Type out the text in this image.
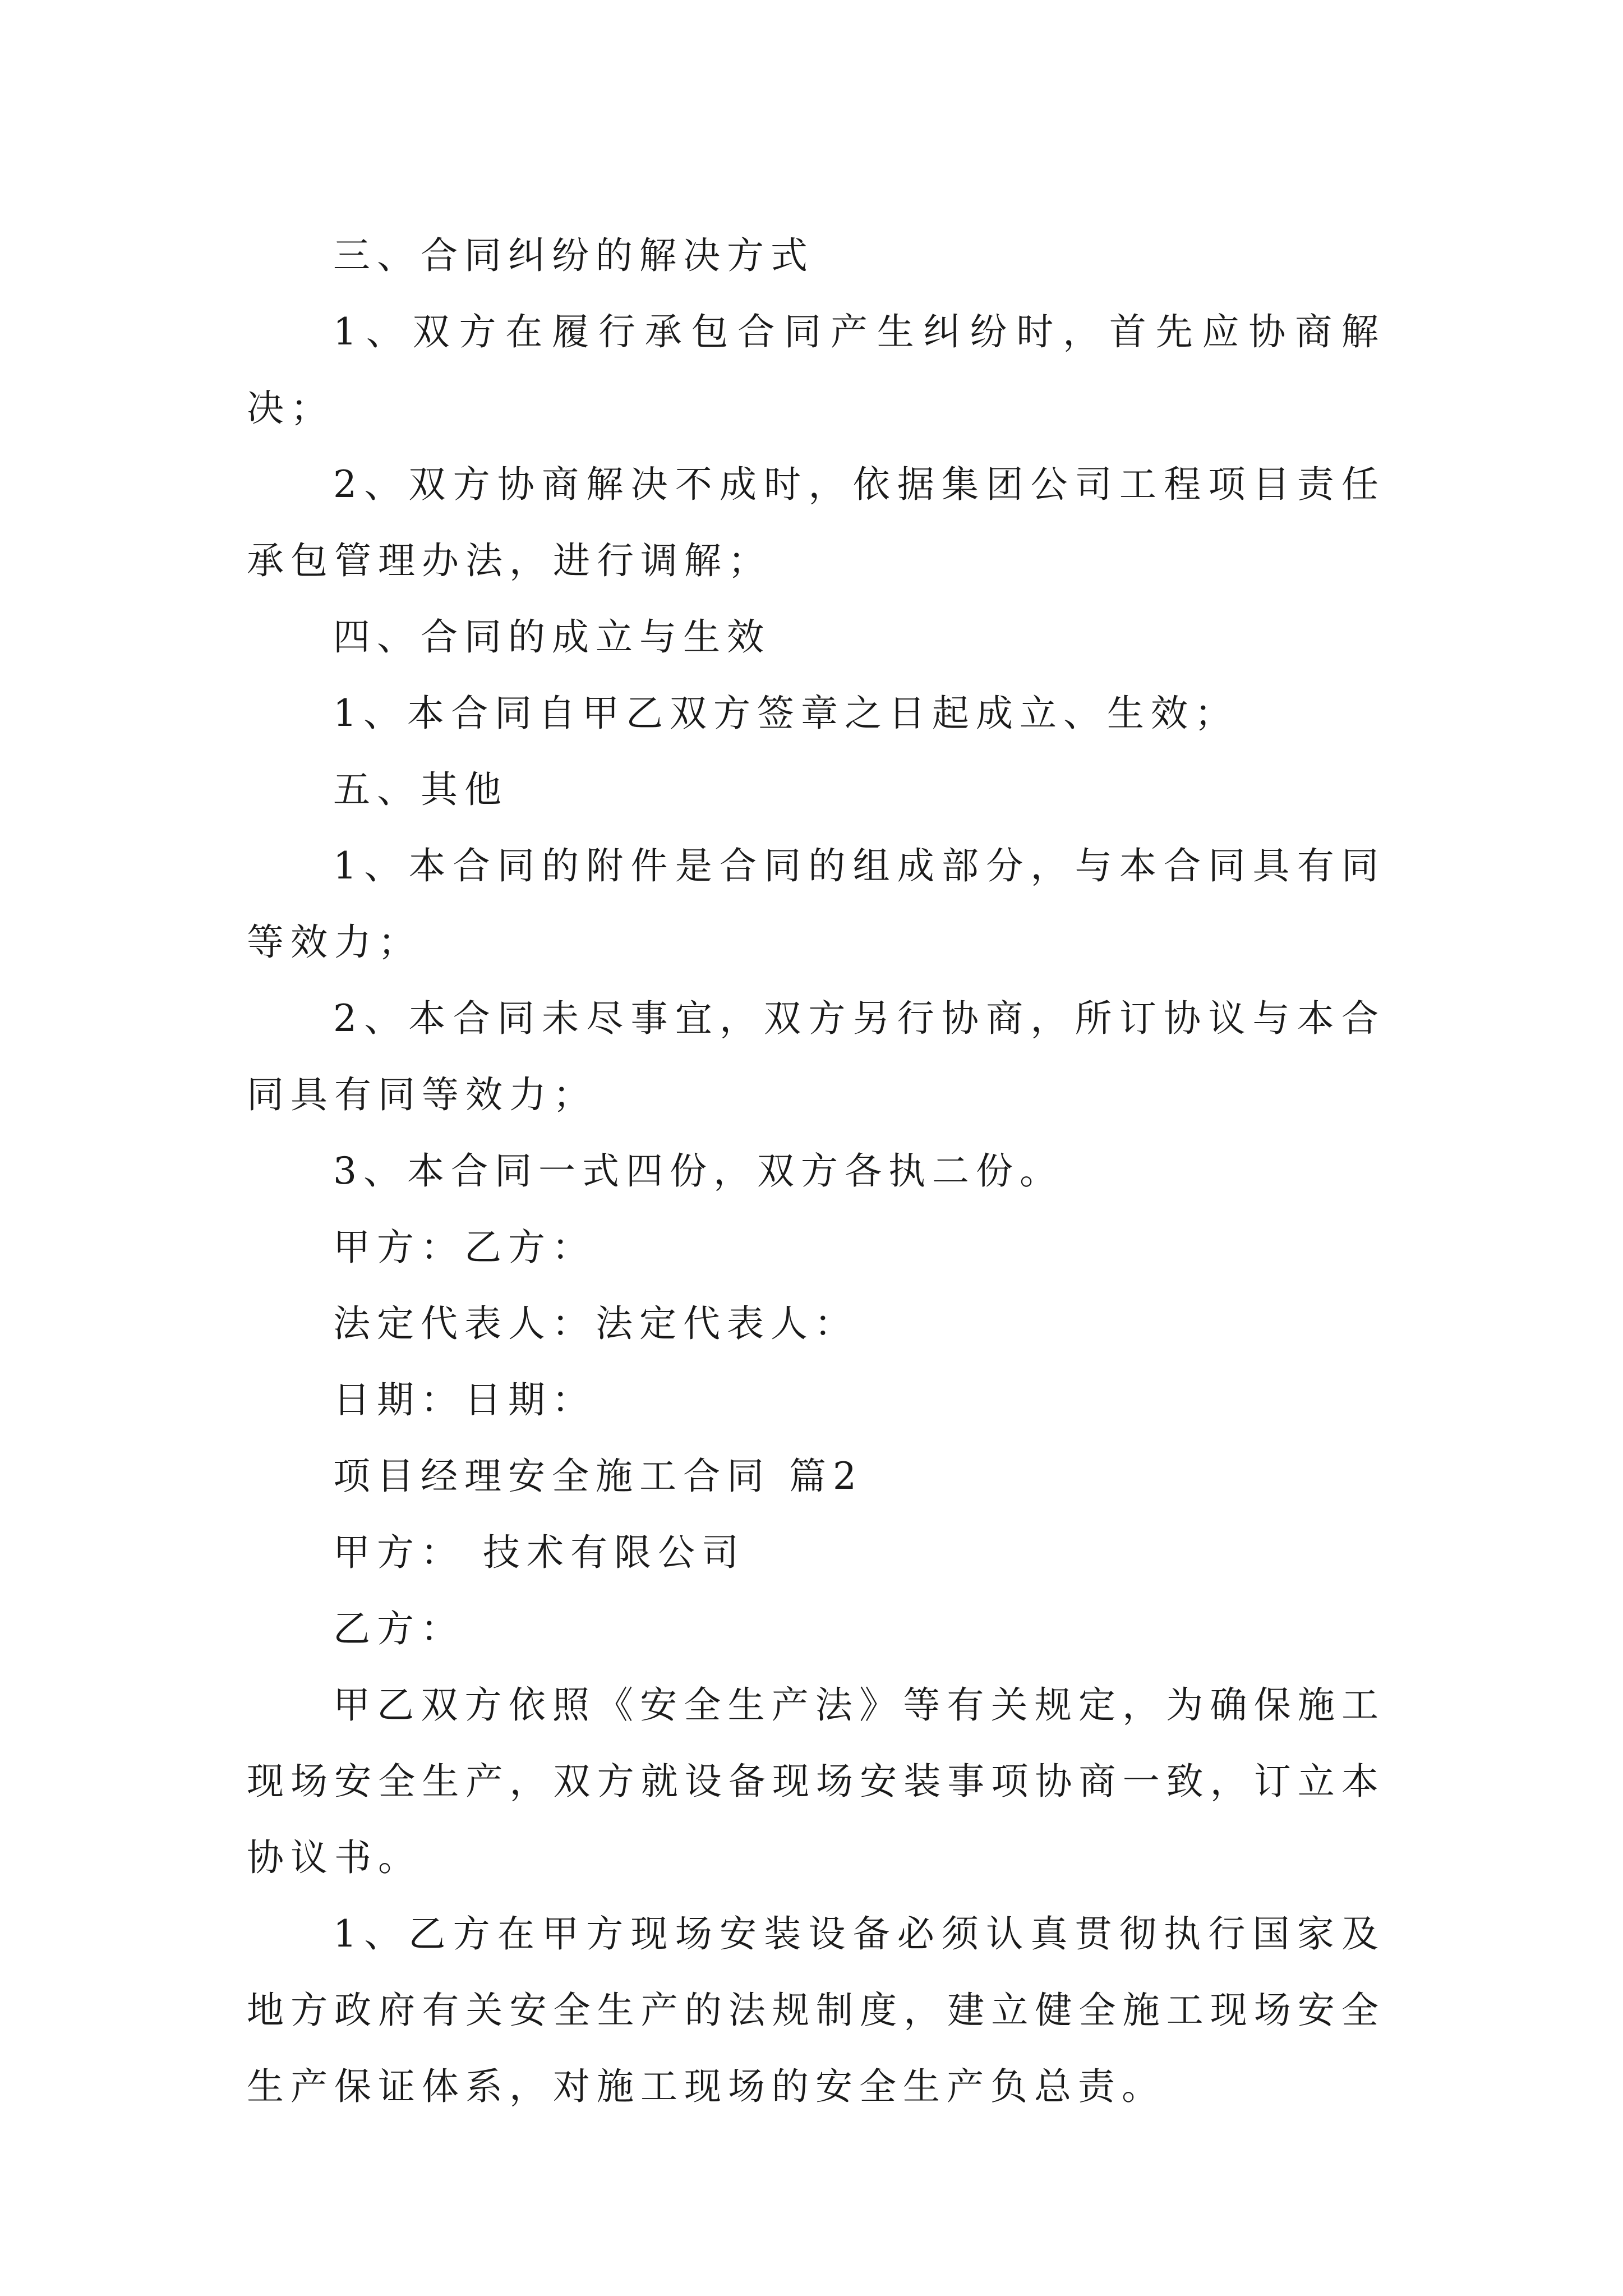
三、合同纠纷的解决方式

1、双方在履行承包合同产生纠纷时，首先应协商解决；

2、双方协商解决不成时，依据集团公司工程项目责任承包管理办法，进行调解；

四、合同的成立与生效

1、本合同自甲乙双方签章之日起成立、生效；

五、其他

1、本合同的附件是合同的组成部分，与本合同具有同等效力；

2、本合同未尽事宜，双方另行协商，所订协议与本合同具有同等效力；

3、本合同一式四份，双方各执二份。

甲方：乙方：

法定代表人：法定代表人：

日期：日期：

项目经理安全施工合同 篇2

甲方： 技术有限公司

乙方：

甲乙双方依照《安全生产法》等有关规定，为确保施工现场安全生产，双方就设备现场安装事项协商一致，订立本协议书。

1、乙方在甲方现场安装设备必须认真贯彻执行国家及地方政府有关安全生产的法规制度，建立健全施工现场安全生产保证体系，对施工现场的安全生产负总责。
